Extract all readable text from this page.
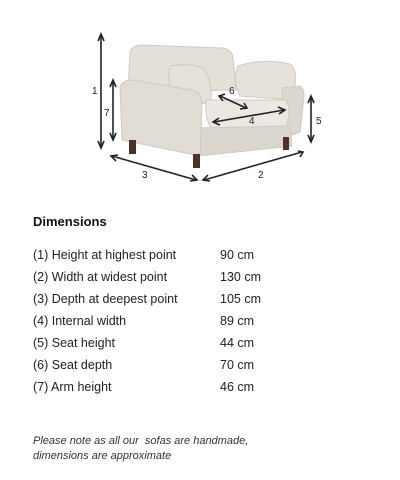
1
7
6
4	5
3	2
Dimensions
(1) Height at highest point	90 cm
(2) Width at widest point	130 cm
(3) Depth at deepest point	105 cm
(4) Internal width	89 cm
(5) Seat height	44 cm
(6) Seat depth	70 cm
(7) Arm height	46 cm
Please note as all our  sofas are handmade,
dimensions are approximate
